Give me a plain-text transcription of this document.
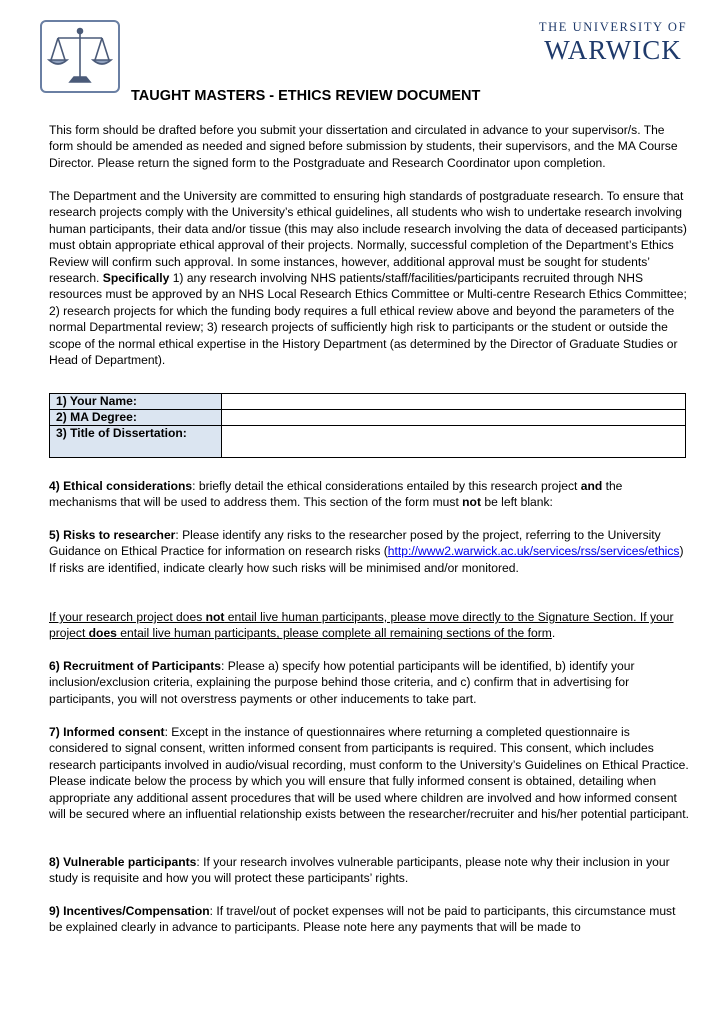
THE UNIVERSITY OF
WARWICK
TAUGHT MASTERS - ETHICS REVIEW DOCUMENT

This form should be drafted before you submit your dissertation and circulated in advance to your supervisor/s. The form should be amended as needed and signed before submission by students, their supervisors, and the MA Course Director. Please return the signed form to the Postgraduate and Research Coordinator upon completion.

The Department and the University are committed to ensuring high standards of postgraduate research. To ensure that research projects comply with the University’s ethical guidelines, all students who wish to undertake research involving human participants, their data and/or tissue (this may also include research involving the data of deceased participants) must obtain appropriate ethical approval of their projects. Normally, successful completion of the Department’s Ethics Review will confirm such approval. In some instances, however, additional approval must be sought for students’ research. Specifically 1) any research involving NHS patients/staff/facilities/participants recruited through NHS resources must be approved by an NHS Local Research Ethics Committee or Multi-centre Research Ethics Committee; 2) research projects for which the funding body requires a full ethical review above and beyond the parameters of the normal Departmental review; 3) research projects of sufficiently high risk to participants or the student or outside the scope of the normal ethical expertise in the History Department (as determined by the Director of Graduate Studies or Head of Department).

1) Your Name:	
2) MA Degree:	
3) Title of Dissertation:	

4) Ethical considerations: briefly detail the ethical considerations entailed by this research project and the mechanisms that will be used to address them. This section of the form must not be left blank:

5) Risks to researcher: Please identify any risks to the researcher posed by the project, referring to the University Guidance on Ethical Practice for information on research risks (http://www2.warwick.ac.uk/services/rss/services/ethics) If risks are identified, indicate clearly how such risks will be minimised and/or monitored.

If your research project does not entail live human participants, please move directly to the Signature Section. If your project does entail live human participants, please complete all remaining sections of the form.

6) Recruitment of Participants: Please a) specify how potential participants will be identified, b) identify your inclusion/exclusion criteria, explaining the purpose behind those criteria, and c) confirm that in advertising for participants, you will not overstress payments or other inducements to take part.

7) Informed consent: Except in the instance of questionnaires where returning a completed questionnaire is considered to signal consent, written informed consent from participants is required. This consent, which includes research participants involved in audio/visual recording, must conform to the University’s Guidelines on Ethical Practice. Please indicate below the process by which you will ensure that fully informed consent is obtained, detailing when appropriate any additional assent procedures that will be used where children are involved and how informed consent will be secured where an influential relationship exists between the researcher/recruiter and his/her potential participant.

8) Vulnerable participants: If your research involves vulnerable participants, please note why their inclusion in your study is requisite and how you will protect these participants’ rights.

9) Incentives/Compensation: If travel/out of pocket expenses will not be paid to participants, this circumstance must be explained clearly in advance to participants. Please note here any payments that will be made to
